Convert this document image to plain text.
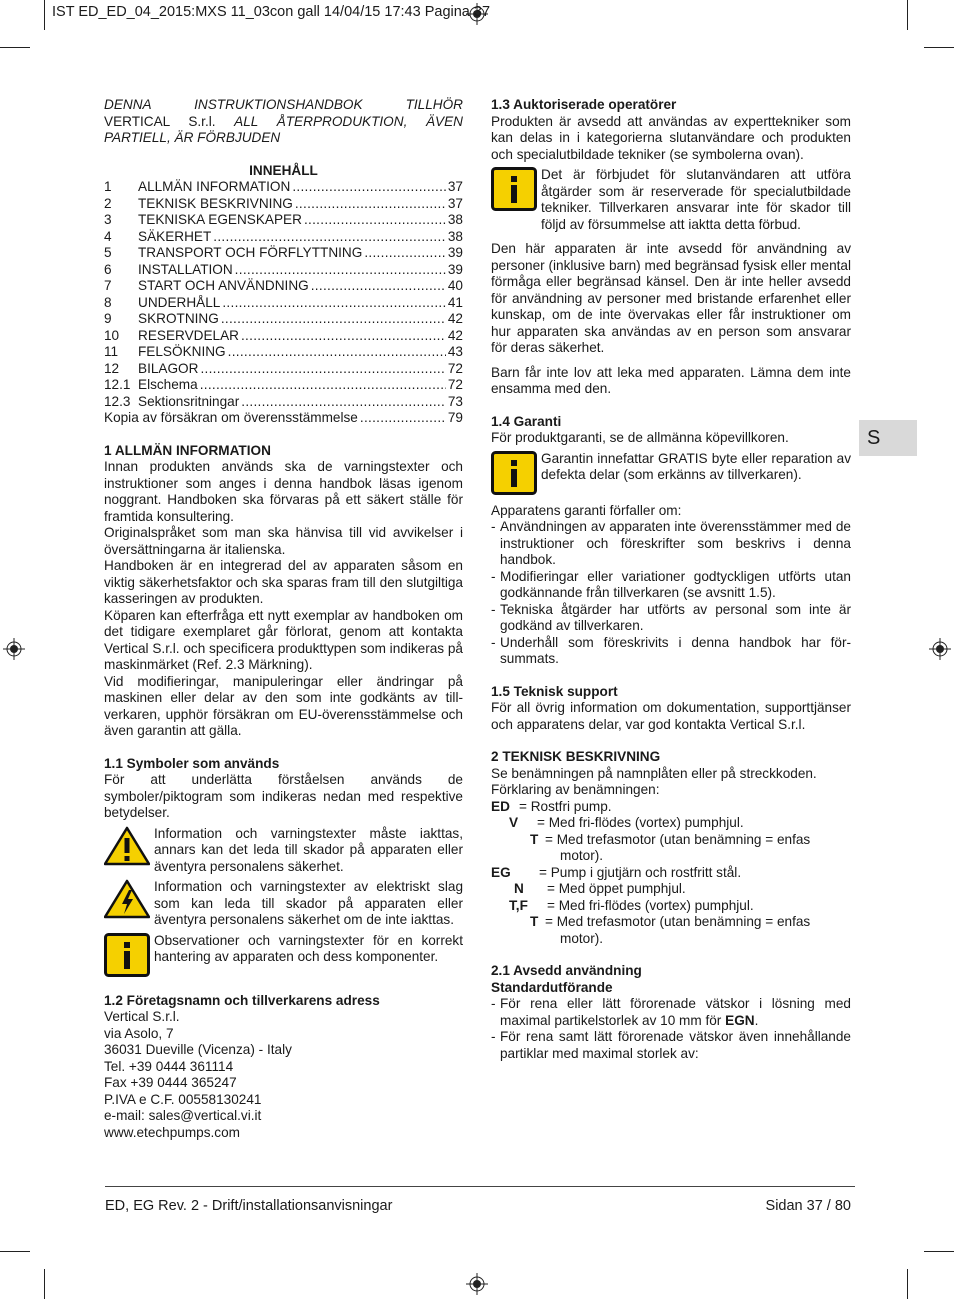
IST ED_ED_04_2015:MXS 11_03con gall 14/04/15 17:43 Pagina 37
DENNA INSTRUKTIONSHANDBOK TILLHÖR
VERTICAL S.r.l. ALL ÅTERPRODUKTION, ÄVEN
PARTIELL, ÄR FÖRBJUDEN

INNEHÅLL

1	ALLMÄN INFORMATION .....	37
2	TEKNISK BESKRIVNING .....	37
3	TEKNISKA EGENSKAPER .....	38
4	SÄKERHET .....	38
5	TRANSPORT OCH FÖRFLYTTNING .....	39
6	INSTALLATION .....	39
7	START OCH ANVÄNDNING .....	40
8	UNDERHÅLL .....	41
9	SKROTNING .....	42
10	RESERVDELAR .....	42
11	FELSÖKNING .....	43
12	BILAGOR .....	72
12.1 Elschema .....	72
12.3 Sektionsritningar .....	73
Kopia av försäkran om överensstämmelse .....	79

1 ALLMÄN INFORMATION

Innan produkten används ska de varningstexter och instruktioner som anges i denna handbok läsas igenom noggrant. Handboken ska förvaras på ett säkert ställe för framtida konsultering.

Originalspråket som man ska hänvisa till vid avvikelser i översättningarna är italienska.

Handboken är en integrerad del av apparaten såsom en viktig säkerhetsfaktor och ska sparas fram till den slutgiltiga kasseringen av produkten.

Köparen kan efterfråga ett nytt exemplar av handboken om det tidigare exemplaret går förlorat, genom att kontakta Vertical S.r.l. och specificera produkttypen som indikeras på maskinmärket (Ref. 2.3 Märkning).

Vid modifieringar, manipuleringar eller ändringar på maskinen eller delar av den som inte godkänts av tillverkaren, upphör försäkran om EU-överensstämmelse och även garantin att gälla.

1.1 Symboler som används

För att underlätta förståelsen används de symboler/piktogram som indikeras nedan med respektive betydelser.

Information och varningstexter måste iakttas, annars kan det leda till skador på apparaten eller äventyra personalens säkerhet.
Information och varningstexter av elektriskt slag som kan leda till skador på apparaten eller äventyra personalens säkerhet om de inte iakttas.
Observationer och varningstexter för en korrekt hantering av apparaten och dess komponenter.

1.2 Företagsnamn och tillverkarens adress

Vertical S.r.l.
via Asolo, 7
36031 Dueville (Vicenza) - Italy
Tel. +39 0444 361114
Fax +39 0444 365247
P.IVA e C.F. 00558130241
e-mail: sales@vertical.vi.it
www.etechpumps.com

1.3 Auktoriserade operatörer

Produkten är avsedd att användas av experttekniker som kan delas in i kategorierna slutanvändare och produkten och specialutbildade tekniker (se symbolerna ovan).

Det är förbjudet för slutanvändaren att utföra åtgärder som är reserverade för specialutbildade tekniker. Tillverkaren ansvarar inte för skador till följd av försummelse att iaktta detta förbud.

Den här apparaten är inte avsedd för användning av personer (inklusive barn) med begränsad fysisk eller mental förmåga eller begränsad känsel. Den är inte heller avsedd för användning av personer med bristande erfarenhet eller kunskap, om de inte övervakas eller får instruktioner om hur apparaten ska användas av en person som ansvarar för deras säkerhet.

Barn får inte lov att leka med apparaten. Lämna dem inte ensamma med den.

1.4 Garanti

För produktgaranti, se de allmänna köpevillkoren.

Garantin innefattar GRATIS byte eller reparation av defekta delar (som erkänns av tillverkaren).

Apparatens garanti förfaller om:

- Användningen av apparaten inte överensstämmer med de instruktioner och föreskrifter som beskrivs i denna handbok.
- Modifieringar eller variationer godtyckligen utförts utan godkännande från tillverkaren (se avsnitt 1.5).
- Tekniska åtgärder har utförts av personal som inte är godkänd av tillverkaren.
- Underhåll som föreskrivits i denna handbok har försummats.

1.5 Teknisk support

För all övrig information om dokumentation, supporttjänser och apparatens delar, var god kontakta Vertical S.r.l.

2 TEKNISK BESKRIVNING

Se benämningen på namnplåten eller på streckkoden.

Förklaring av benämningen:

ED = Rostfri pump.
V = Med fri-flödes (vortex) pumphjul.
T = Med trefasmotor (utan benämning = enfas
motor).
EG = Pump i gjutjärn och rostfritt stål.
N = Med öppet pumphjul.
T,F = Med fri-flödes (vortex) pumphjul.
T = Med trefasmotor (utan benämning = enfas
motor).

2.1 Avsedd användning

Standardutförande

- För rena eller lätt förorenade vätskor i lösning med maximal partikelstorlek av 10 mm för EGN.
- För rena samt lätt förorenade vätskor även innehållande partiklar med maximal storlek av:
S
ED, EG Rev. 2 - Drift/installationsanvisningar	Sidan 37 / 80
